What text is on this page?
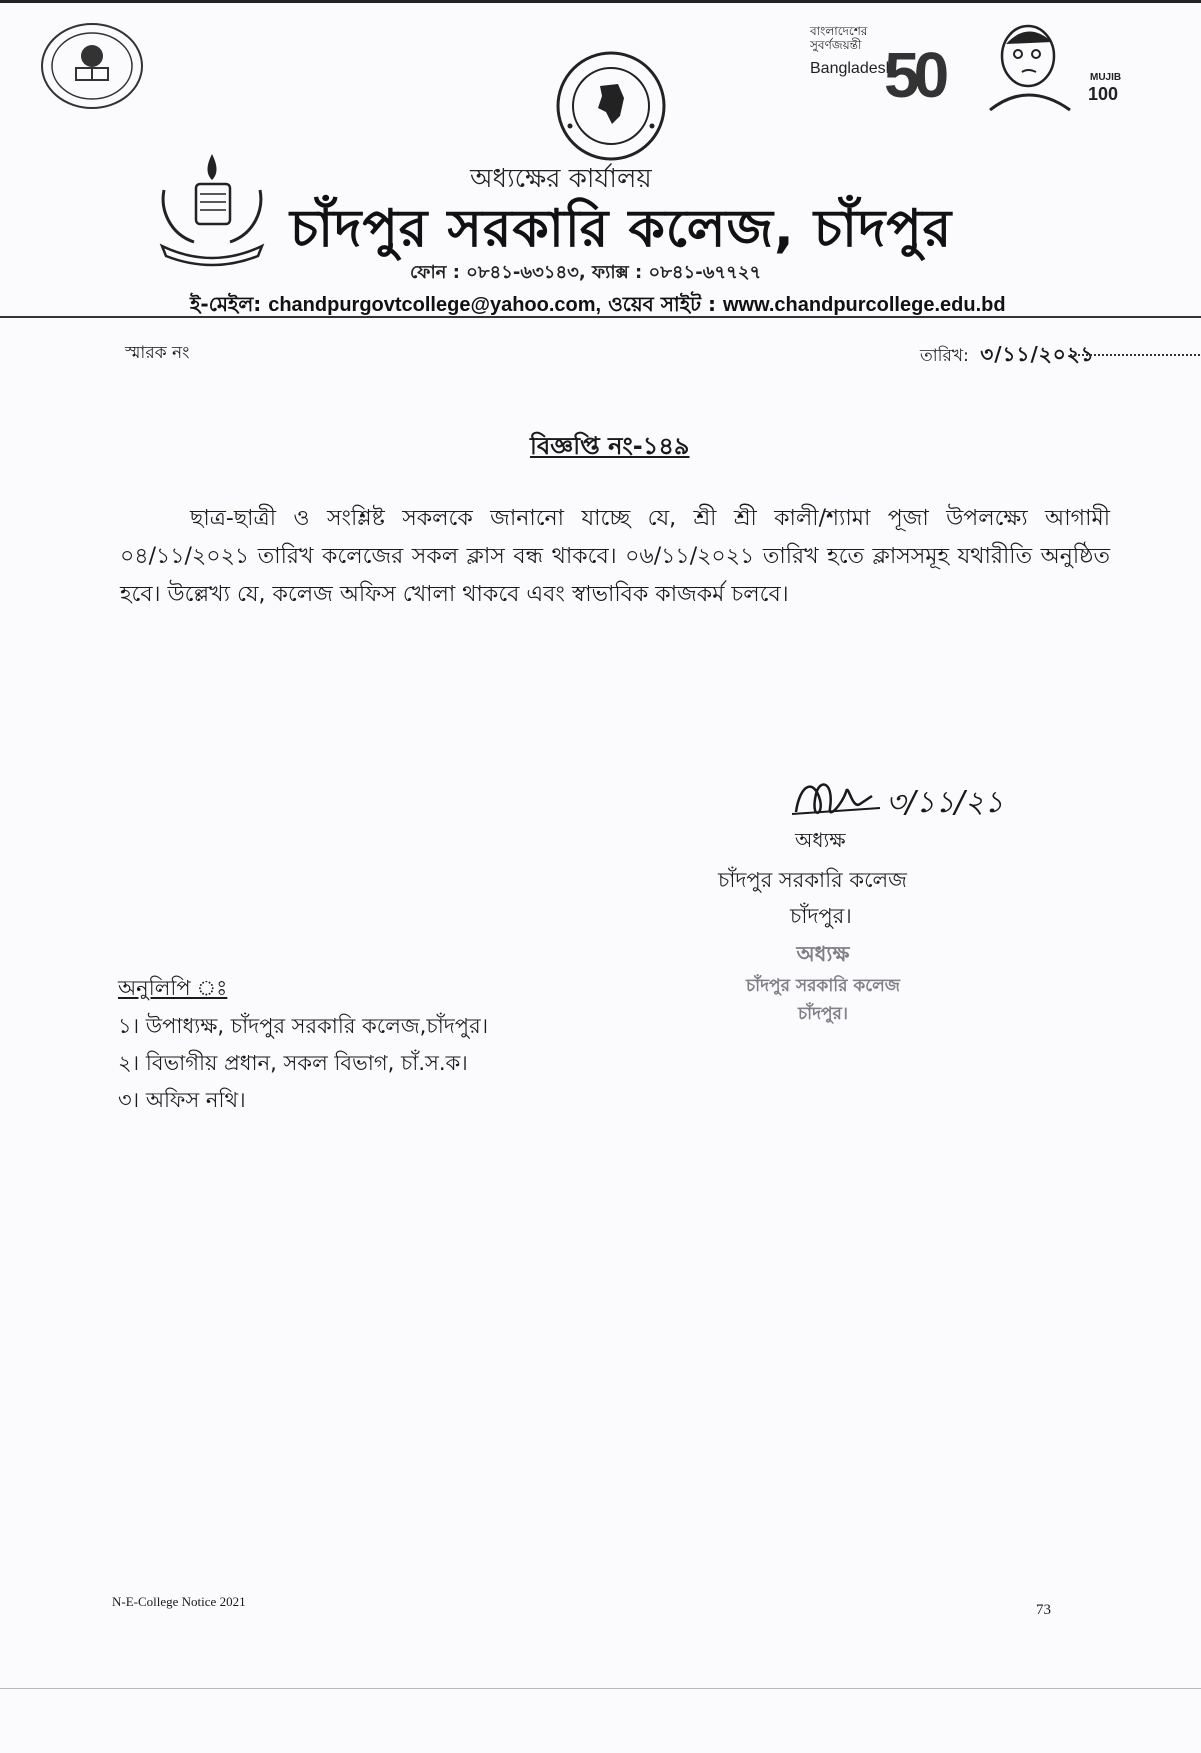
বাংলাদেশের
সুবর্ণজয়ন্তী
Bangladesh
50	MUJIB
100
অধ্যক্ষের কার্যালয়
চাঁদপুর সরকারি কলেজ, চাঁদপুর
ফোন : ০৮৪১-৬৩১৪৩, ফ্যাক্স : ০৮৪১-৬৭৭২৭
ই-মেইল: chandpurgovtcollege@yahoo.com, ওয়েব সাইট : www.chandpurcollege.edu.bd
স্মারক নং	তারিখ: ৩/১১/২০২১
বিজ্ঞপ্তি নং-১৪৯

ছাত্র-ছাত্রী ও সংশ্লিষ্ট সকলকে জানানো যাচ্ছে যে, শ্রী শ্রী কালী/শ্যামা পূজা উপলক্ষ্যে আগামী ০৪/১১/২০২১ তারিখ কলেজের সকল ক্লাস বন্ধ থাকবে। ০৬/১১/২০২১ তারিখ হতে ক্লাসসমূহ যথারীতি অনুষ্ঠিত হবে। উল্লেখ্য যে, কলেজ অফিস খোলা থাকবে এবং স্বাভাবিক কাজকর্ম চলবে।

৩/১১/২১
অধ্যক্ষ
চাঁদপুর সরকারি কলেজ
চাঁদপুর।
অধ্যক্ষ
চাঁদপুর সরকারি কলেজ
চাঁদপুর।
অনুলিপি ঃ
১। উপাধ্যক্ষ, চাঁদপুর সরকারি কলেজ,চাঁদপুর।
২। বিভাগীয় প্রধান, সকল বিভাগ, চাঁ.স.ক।
৩। অফিস নথি।
N-E-College Notice 2021
73
